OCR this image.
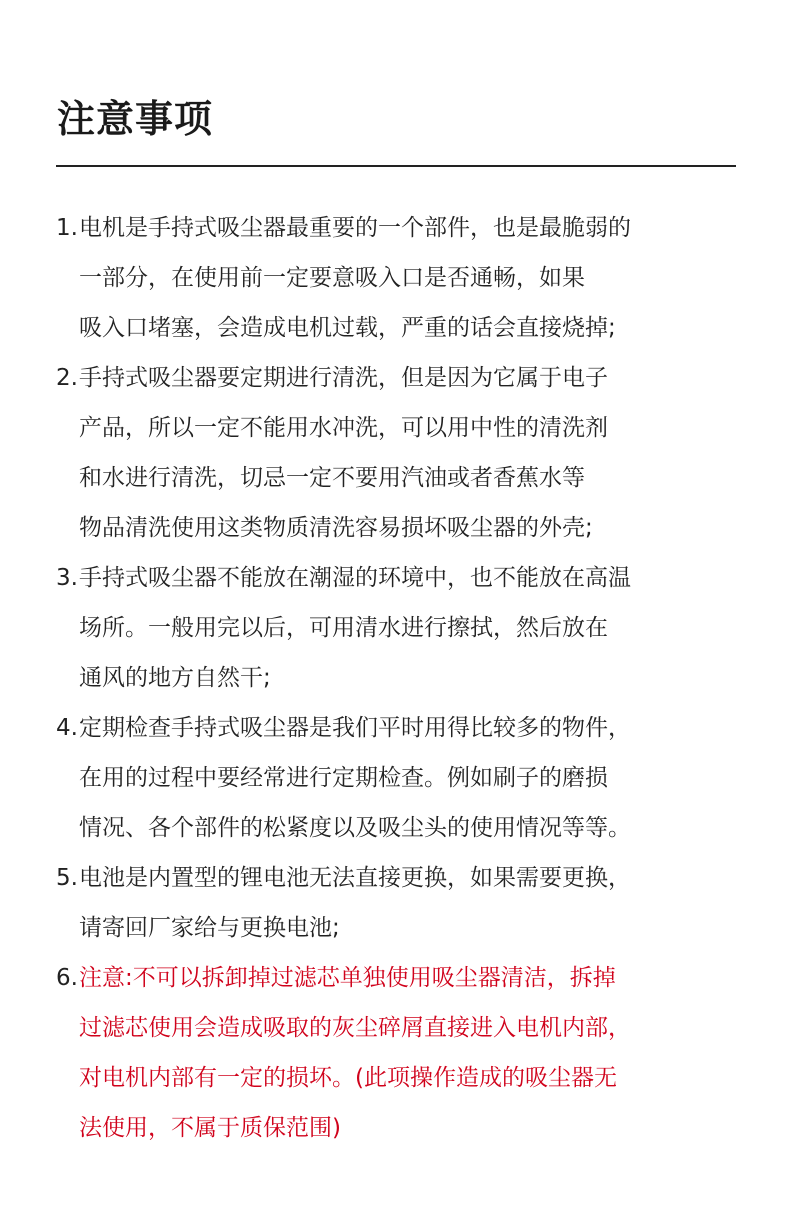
注意事项
1. 电机是手持式吸尘器最重要的一个部件，也是最脆弱的
一部分，在使用前一定要意吸入口是否通畅，如果
吸入口堵塞，会造成电机过载，严重的话会直接烧掉;
2. 手持式吸尘器要定期进行清洗，但是因为它属于电子
产品，所以一定不能用水冲洗，可以用中性的清洗剂
和水进行清洗，切忌一定不要用汽油或者香蕉水等
物品清洗使用这类物质清洗容易损坏吸尘器的外壳;
3. 手持式吸尘器不能放在潮湿的环境中，也不能放在高温
场所。一般用完以后，可用清水进行擦拭，然后放在
通风的地方自然干;
4. 定期检查手持式吸尘器是我们平时用得比较多的物件，
在用的过程中要经常进行定期检查。例如刷子的磨损
情况、各个部件的松紧度以及吸尘头的使用情况等等。
5. 电池是内置型的锂电池无法直接更换，如果需要更换，
请寄回厂家给与更换电池;
6. 注意:不可以拆卸掉过滤芯单独使用吸尘器清洁，拆掉
过滤芯使用会造成吸取的灰尘碎屑直接进入电机内部，
对电机内部有一定的损坏。(此项操作造成的吸尘器无
法使用，不属于质保范围)
